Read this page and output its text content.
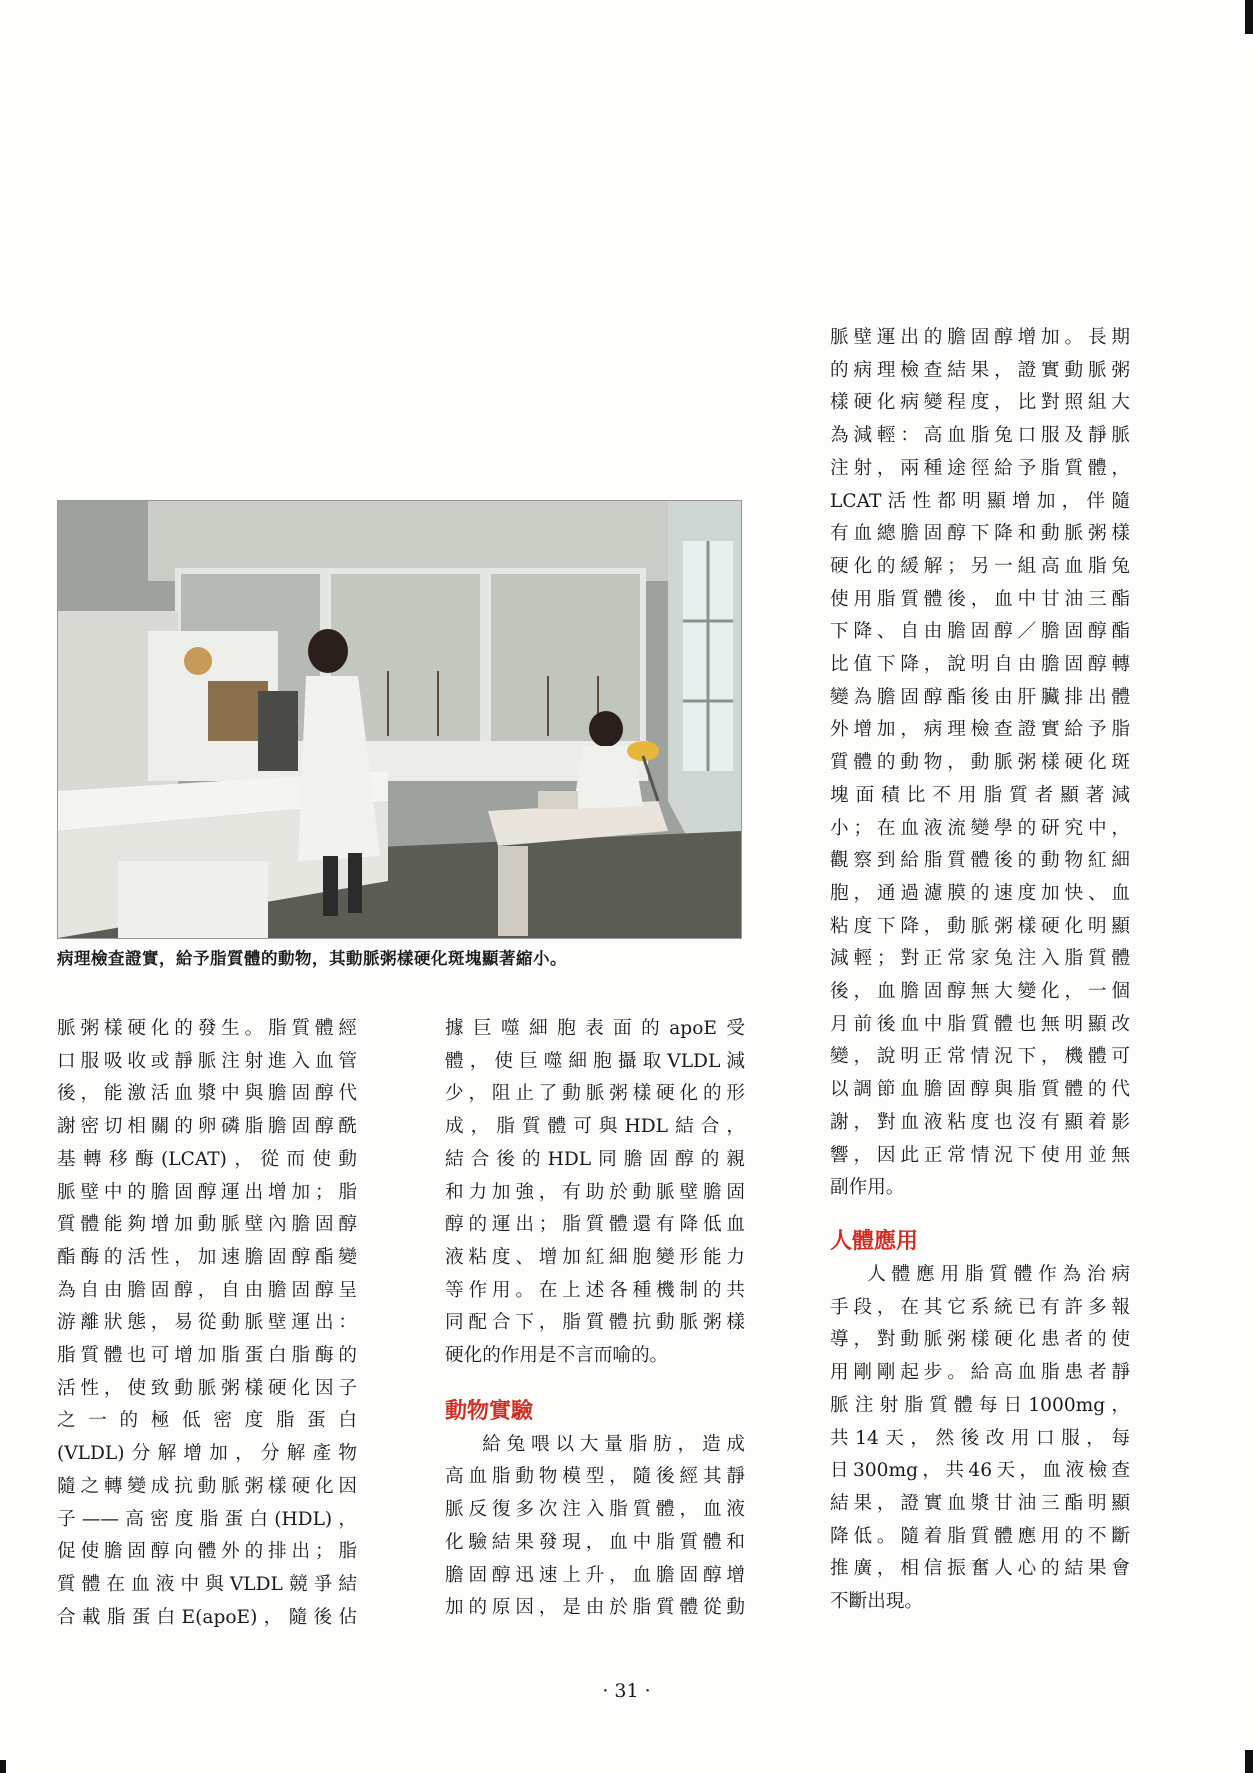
病理檢查證實，給予脂質體的動物，其動脈粥樣硬化斑塊顯著縮小。

脈粥樣硬化的發生。脂質體經
口服吸收或靜脈注射進入血管
後，能激活血漿中與膽固醇代
謝密切相關的卵磷脂膽固醇酰
基轉移酶(LCAT)，從而使動
脈壁中的膽固醇運出增加；脂
質體能夠增加動脈壁內膽固醇
酯酶的活性，加速膽固醇酯變
為自由膽固醇，自由膽固醇呈
游離狀態，易從動脈壁運出：
脂質體也可增加脂蛋白脂酶的
活性，使致動脈粥樣硬化因子
之一的極低密度脂蛋白
(VLDL)分解增加，分解產物
隨之轉變成抗動脈粥樣硬化因
子——高密度脂蛋白(HDL)，
促使膽固醇向體外的排出；脂
質體在血液中與VLDL競爭結
合載脂蛋白E(apoE)，隨後佔

據巨噬細胞表面的apoE受
體，使巨噬細胞攝取VLDL減
少，阻止了動脈粥樣硬化的形
成，脂質體可與HDL結合，
結合後的HDL同膽固醇的親
和力加強，有助於動脈壁膽固
醇的運出；脂質體還有降低血
液粘度、增加紅細胞變形能力
等作用。在上述各種機制的共
同配合下，脂質體抗動脈粥樣
硬化的作用是不言而喻的。

動物實驗

給兔喂以大量脂肪，造成
高血脂動物模型，隨後經其靜
脈反復多次注入脂質體，血液
化驗結果發現，血中脂質體和
膽固醇迅速上升，血膽固醇增
加的原因，是由於脂質體從動

脈壁運出的膽固醇增加。長期
的病理檢查結果，證實動脈粥
樣硬化病變程度，比對照組大
為減輕：高血脂兔口服及靜脈
注射，兩種途徑給予脂質體，
LCAT活性都明顯增加，伴隨
有血總膽固醇下降和動脈粥樣
硬化的緩解；另一組高血脂兔
使用脂質體後，血中甘油三酯
下降、自由膽固醇／膽固醇酯
比值下降，說明自由膽固醇轉
變為膽固醇酯後由肝臟排出體
外增加，病理檢查證實給予脂
質體的動物，動脈粥樣硬化斑
塊面積比不用脂質者顯著減
小；在血液流變學的研究中，
觀察到給脂質體後的動物紅細
胞，通過濾膜的速度加快、血
粘度下降，動脈粥樣硬化明顯
減輕；對正常家兔注入脂質體
後，血膽固醇無大變化，一個
月前後血中脂質體也無明顯改
變，說明正常情況下，機體可
以調節血膽固醇與脂質體的代
謝，對血液粘度也沒有顯着影
響，因此正常情況下使用並無
副作用。

人體應用

人體應用脂質體作為治病
手段，在其它系統已有許多報
導，對動脈粥樣硬化患者的使
用剛剛起步。給高血脂患者靜
脈注射脂質體每日1000mg，
共14天，然後改用口服，每
日300mg，共46天，血液檢查
結果，證實血漿甘油三酯明顯
降低。隨着脂質體應用的不斷
推廣，相信振奮人心的結果會
不斷出現。

· 31 ·
